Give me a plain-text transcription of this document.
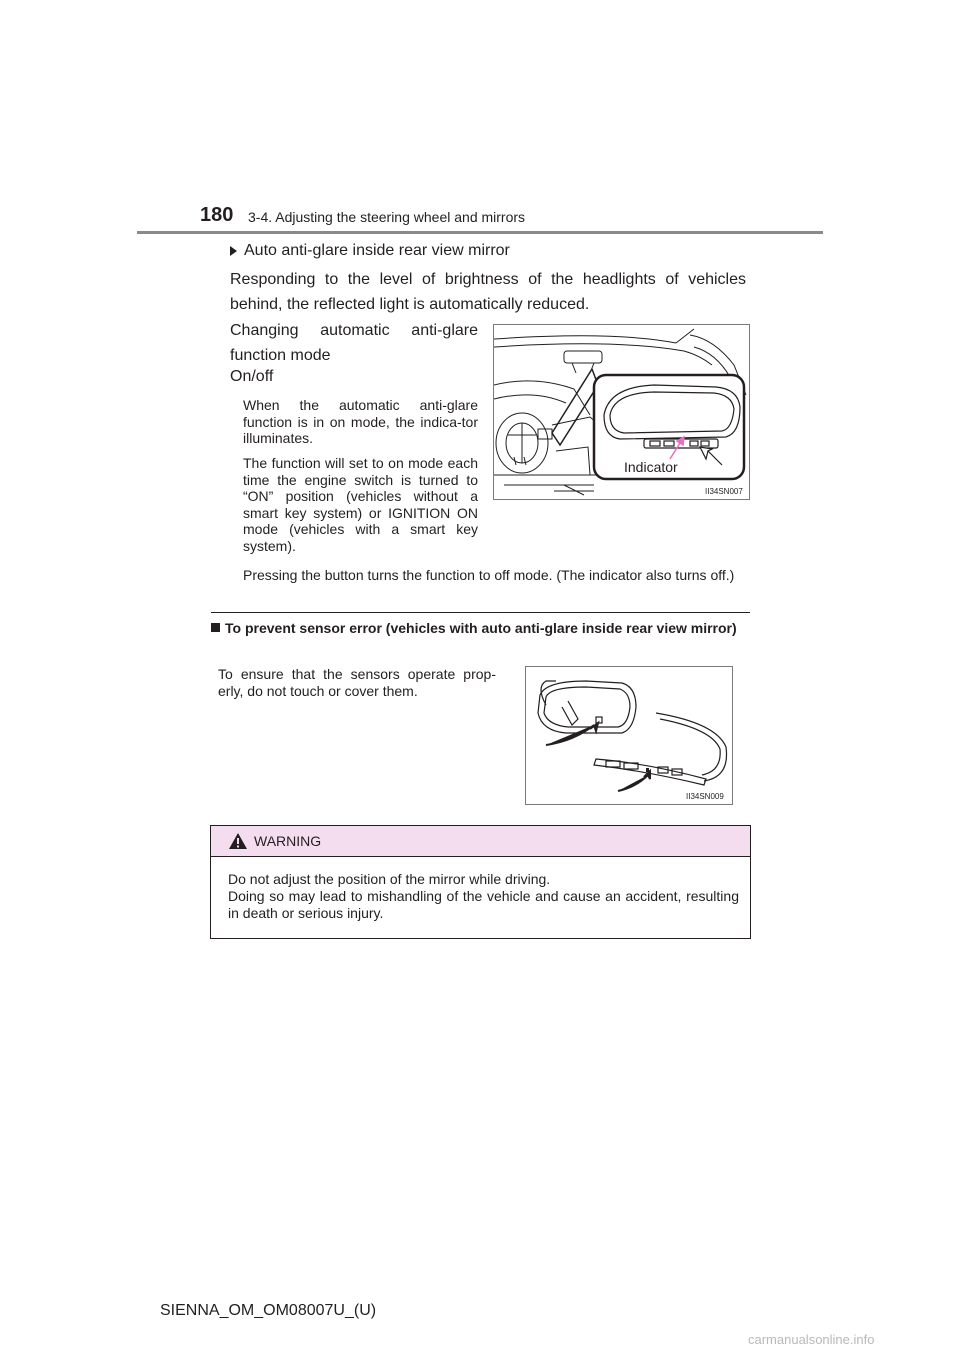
180 3-4. Adjusting the steering wheel and mirrors
Auto anti-glare inside rear view mirror
Responding to the level of brightness of the headlights of vehicles
behind, the reflected light is automatically reduced.
Changing automatic anti-glare function mode
On/off
When the automatic anti-glare function is in on mode, the indica-tor illuminates.
The function will set to on mode each time the engine switch is turned to “ON” position (vehicles without a smart key system) or IGNITION ON mode (vehicles with a smart key system).
Pressing the button turns the function to off mode. (The indicator also turns off.)
Indicator
II34SN007
To prevent sensor error (vehicles with auto anti-glare inside rear view mirror)
To ensure that the sensors operate prop-erly, do not touch or cover them.
II34SN009
WARNING
Do not adjust the position of the mirror while driving.
Doing so may lead to mishandling of the vehicle and cause an accident, resulting in death or serious injury.
SIENNA_OM_OM08007U_(U)
carmanualsonline.info
